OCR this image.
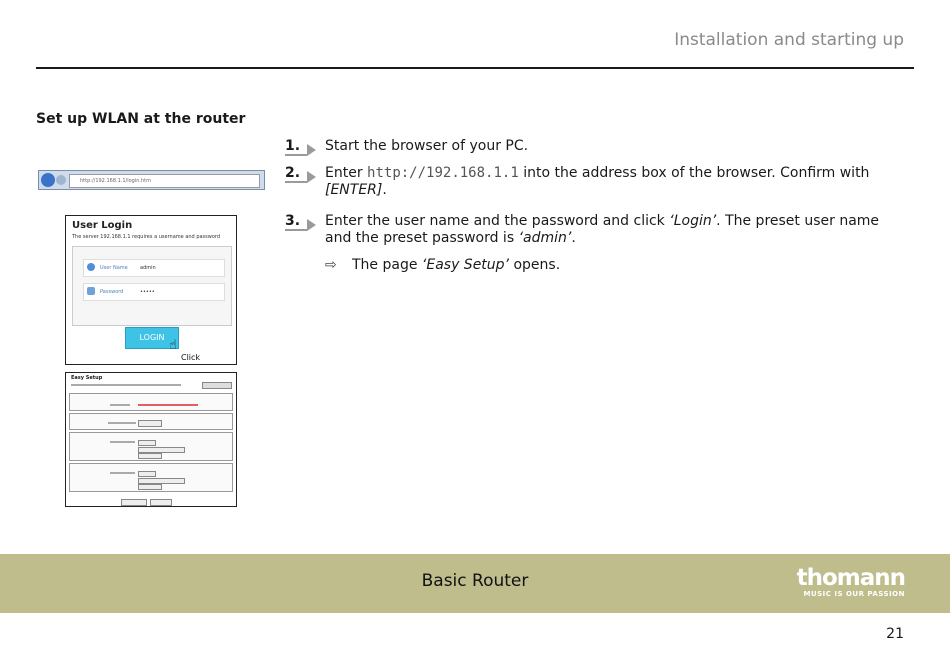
Installation and starting up
Set up WLAN at the router
http://192.168.1.1/login.htm
User Login
The server 192.168.1.1 requires a username and password
User Name admin
Password	•••••
LOGIN
☝
Click
Easy Setup
1.	Start the browser of your PC.
2.	Enter http://192.168.1.1 into the address box of the browser. Confirm with [ENTER].
3.	Enter the user name and the password and click ‘Login’. The preset user name and the preset password is ‘admin’.
⇨ The page ‘Easy Setup’ opens.
Basic Router	thomann
MUSIC IS OUR PASSION
21
